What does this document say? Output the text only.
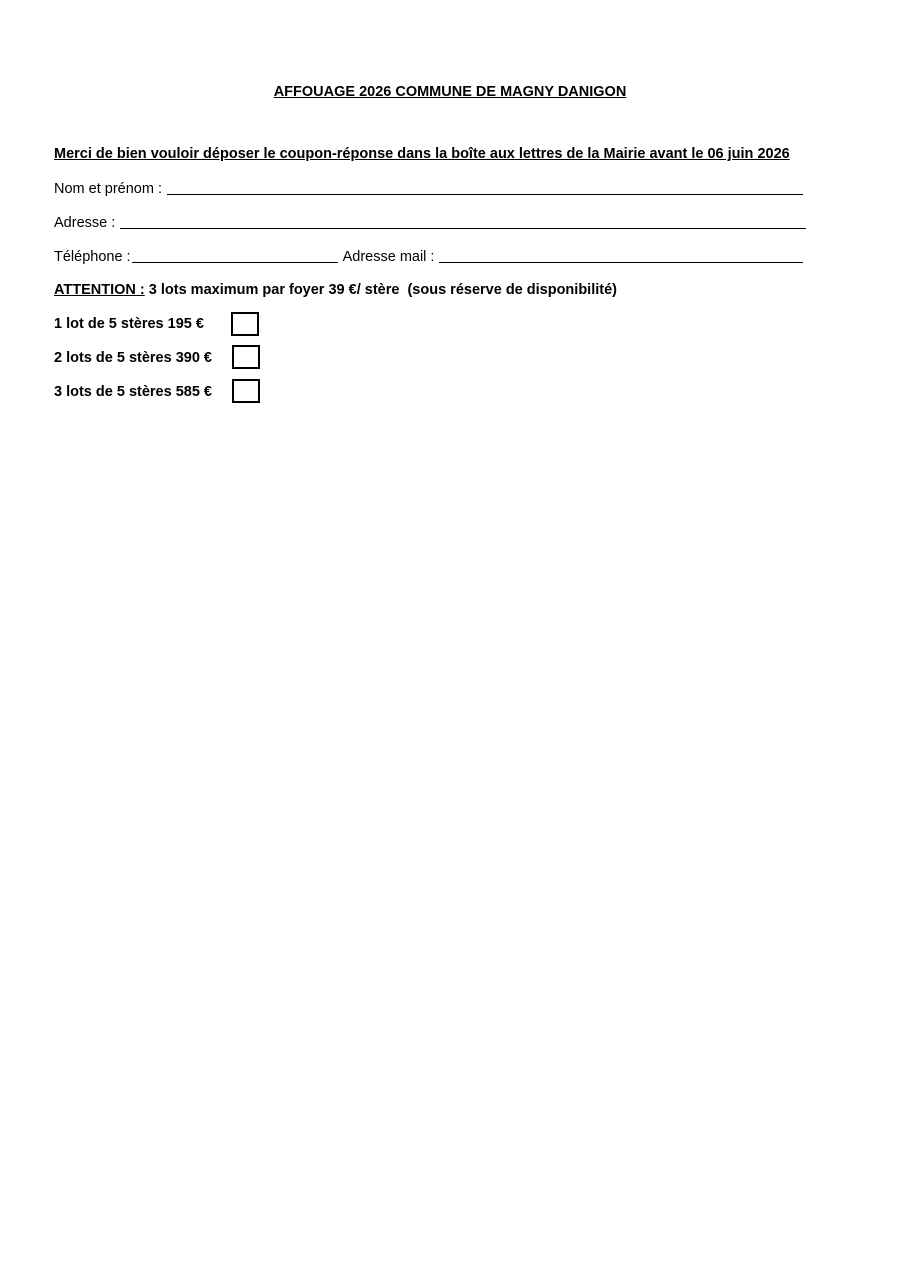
AFFOUAGE 2026 COMMUNE DE MAGNY DANIGON
Merci de bien vouloir déposer le coupon-réponse dans la boîte aux lettres de la Mairie avant le 06 juin 2026
Nom et prénom :
Adresse :
Téléphone :	Adresse mail :
ATTENTION : 3 lots maximum par foyer 39 €/ stère  (sous réserve de disponibilité)
1 lot de 5 stères 195 €
2 lots de 5 stères 390 €
3 lots de 5 stères 585 €
